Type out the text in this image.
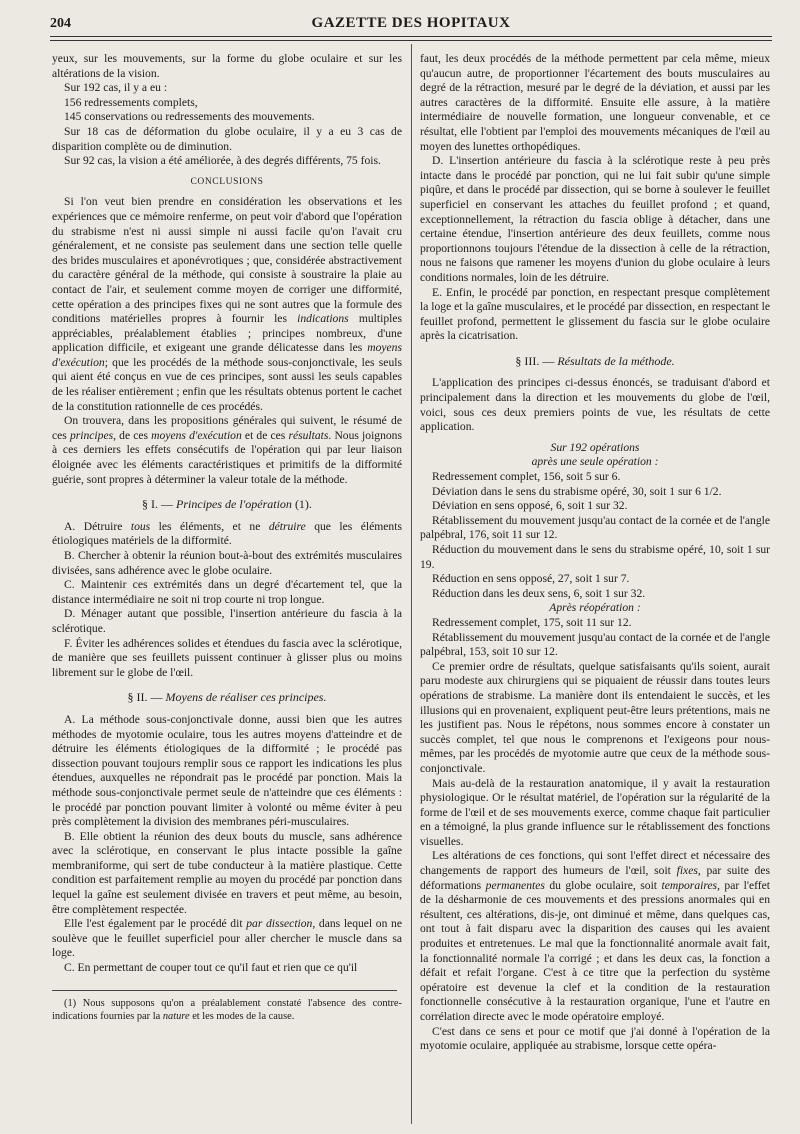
204	GAZETTE DES HOPITAUX

yeux, sur les mouvements, sur la forme du globe oculaire et sur les altérations de la vision.

Sur 192 cas, il y a eu :

156 redressements complets,

145 conservations ou redressements des mouvements.

Sur 18 cas de déformation du globe oculaire, il y a eu 3 cas de disparition complète ou de diminution.

Sur 92 cas, la vision a été améliorée, à des degrés différents, 75 fois.

CONCLUSIONS

Si l'on veut bien prendre en considération les observations et les expériences que ce mémoire renferme, on peut voir d'abord que l'opération du strabisme n'est ni aussi simple ni aussi facile qu'on l'avait cru généralement, et ne consiste pas seulement dans une section telle quelle des brides musculaires et aponévrotiques ; que, considérée abstractivement du caractère général de la méthode, qui consiste à soustraire la plaie au contact de l'air, et seulement comme moyen de corriger une difformité, cette opération a des principes fixes qui ne sont autres que la formule des conditions matérielles propres à fournir les indications multiples appréciables, préalablement établies ; principes nombreux, d'une application difficile, et exigeant une grande délicatesse dans les moyens d'exécution; que les procédés de la méthode sous-conjonctivale, les seuls qui aient été conçus en vue de ces principes, sont aussi les seuls capables de les réaliser entièrement ; enfin que les résultats obtenus portent le cachet de la constitution rationnelle de ces procédés.

On trouvera, dans les propositions générales qui suivent, le résumé de ces principes, de ces moyens d'exécution et de ces résultats. Nous joignons à ces derniers les effets consécutifs de l'opération qui par leur liaison éloignée avec les éléments caractéristiques et primitifs de la difformité guérie, sont propres à déterminer la valeur totale de la méthode.

§ I. — Principes de l'opération (1).

A. Détruire tous les éléments, et ne détruire que les éléments étiologiques matériels de la difformité.

B. Chercher à obtenir la réunion bout-à-bout des extrémités musculaires divisées, sans adhérence avec le globe oculaire.

C. Maintenir ces extrémités dans un degré d'écartement tel, que la distance intermédiaire ne soit ni trop courte ni trop longue.

D. Ménager autant que possible, l'insertion antérieure du fascia à la sclérotique.

F. Éviter les adhérences solides et étendues du fascia avec la sclérotique, de manière que ses feuillets puissent continuer à glisser plus ou moins librement sur le globe de l'œil.

§ II. — Moyens de réaliser ces principes.

A. La méthode sous-conjonctivale donne, aussi bien que les autres méthodes de myotomie oculaire, tous les autres moyens d'atteindre et de détruire les éléments étiologiques de la difformité ; le procédé pas dissection pouvant toujours remplir sous ce rapport les indications les plus étendues, auxquelles ne répondrait pas le procédé par ponction. Mais la méthode sous-conjonctivale permet seule de n'atteindre que ces éléments : le procédé par ponction pouvant limiter à volonté ou même éviter à peu près complètement la division des membranes péri-musculaires.

B. Elle obtient la réunion des deux bouts du muscle, sans adhérence avec la sclérotique, en conservant le plus intacte possible la gaîne membraniforme, qui sert de tube conducteur à la matière plastique. Cette condition est parfaitement remplie au moyen du procédé par ponction dans lequel la gaîne est seulement divisée en travers et peut même, au besoin, être complètement respectée.

Elle l'est également par le procédé dit par dissection, dans lequel on ne soulève que le feuillet superficiel pour aller chercher le muscle dans sa loge.

C. En permettant de couper tout ce qu'il faut et rien que ce qu'il

(1) Nous supposons qu'on a préalablement constaté l'absence des contre-indications fournies par la nature et les modes de la cause.

faut, les deux procédés de la méthode permettent par cela même, mieux qu'aucun autre, de proportionner l'écartement des bouts musculaires au degré de la rétraction, mesuré par le degré de la déviation, et aussi par les autres caractères de la difformité. Ensuite elle assure, à la matière intermédiaire de nouvelle formation, une longueur convenable, et ce résultat, elle l'obtient par l'emploi des mouvements mécaniques de l'œil au moyen des lunettes orthopédiques.

D. L'insertion antérieure du fascia à la sclérotique reste à peu près intacte dans le procédé par ponction, qui ne lui fait subir qu'une simple piqûre, et dans le procédé par dissection, qui se borne à soulever le feuillet superficiel en conservant les attaches du feuillet profond ; et quand, exceptionnellement, la rétraction du fascia oblige à détacher, dans une certaine étendue, l'insertion antérieure des deux feuillets, comme nous proportionnons toujours l'étendue de la dissection à celle de la rétraction, nous ne faisons que ramener les moyens d'union du globe oculaire à leurs conditions normales, loin de les détruire.

E. Enfin, le procédé par ponction, en respectant presque complètement la loge et la gaîne musculaires, et le procédé par dissection, en respectant le feuillet profond, permettent le glissement du fascia sur le globe oculaire après la cicatrisation.

§ III. — Résultats de la méthode.

L'application des principes ci-dessus énoncés, se traduisant d'abord et principalement dans la direction et les mouvements du globe de l'œil, voici, sous ces deux premiers points de vue, les résultats de cette application.

Sur 192 opérations

après une seule opération :

Redressement complet, 156, soit 5 sur 6.

Déviation dans le sens du strabisme opéré, 30, soit 1 sur 6 1/2.

Déviation en sens opposé, 6, soit 1 sur 32.

Rétablissement du mouvement jusqu'au contact de la cornée et de l'angle palpébral, 176, soit 11 sur 12.

Réduction du mouvement dans le sens du strabisme opéré, 10, soit 1 sur 19.

Réduction en sens opposé, 27, soit 1 sur 7.

Réduction dans les deux sens, 6, soit 1 sur 32.

Après réopération :

Redressement complet, 175, soit 11 sur 12.

Rétablissement du mouvement jusqu'au contact de la cornée et de l'angle palpébral, 153, soit 10 sur 12.

Ce premier ordre de résultats, quelque satisfaisants qu'ils soient, aurait paru modeste aux chirurgiens qui se piquaient de réussir dans toutes leurs opérations de strabisme. La manière dont ils entendaient le succès, et les illusions qui en provenaient, expliquent peut-être leurs prétentions, mais ne les justifient pas. Nous le répétons, nous sommes encore à constater un succès complet, tel que nous le comprenons et l'exigeons pour nous-mêmes, par les procédés de myotomie autre que ceux de la méthode sous-conjonctivale.

Mais au-delà de la restauration anatomique, il y avait la restauration physiologique. Or le résultat matériel, de l'opération sur la régularité de la forme de l'œil et de ses mouvements exerce, comme chaque fait particulier en a témoigné, la plus grande influence sur le rétablissement des fonctions visuelles.

Les altérations de ces fonctions, qui sont l'effet direct et nécessaire des changements de rapport des humeurs de l'œil, soit fixes, par suite des déformations permanentes du globe oculaire, soit temporaires, par l'effet de la désharmonie de ces mouvements et des pressions anormales qui en résultent, ces altérations, dis-je, ont diminué et même, dans quelques cas, ont tout à fait disparu avec la disparition des causes qui les avaient produites et entretenues. Le mal que la fonctionnalité anormale avait fait, la fonctionnalité normale l'a corrigé ; et dans les deux cas, la fonction a défait et refait l'organe. C'est à ce titre que la perfection du système opératoire est devenue la clef et la condition de la restauration fonctionnelle consécutive à la restauration organique, l'une et l'autre en corrélation directe avec le mode opératoire employé.

C'est dans ce sens et pour ce motif que j'ai donné à l'opération de la myotomie oculaire, appliquée au strabisme, lorsque cette opéra-
